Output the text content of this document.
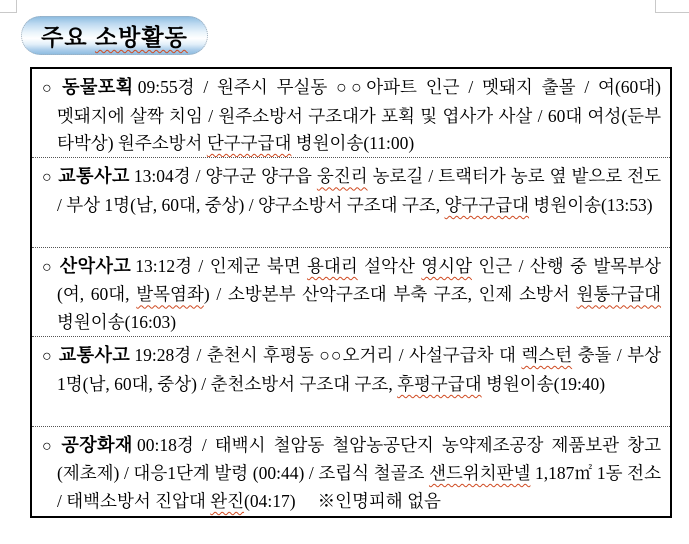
주요 소방활동

○ 동물포획 09:55경 / 원주시 무실동 ○○아파트 인근 / 멧돼지 출몰 / 여(60대) 멧돼지에 살짝 치임 / 원주소방서 구조대가 포획 및 엽사가 사살 / 60대 여성(둔부 타박상) 원주소방서 단구구급대 병원이송(11:00)

○ 교통사고 13:04경 / 양구군 양구읍 웅진리 농로길 / 트랙터가 농로 옆 밭으로 전도 / 부상 1명(남, 60대, 중상) / 양구소방서 구조대 구조, 양구구급대 병원이송(13:53)

○ 산악사고 13:12경 / 인제군 북면 용대리 설악산 영시암 인근 / 산행 중 발목부상(여, 60대, 발목염좌) / 소방본부 산악구조대 부축 구조, 인제 소방서 원통구급대 병원이송(16:03)

○ 교통사고 19:28경 / 춘천시 후평동 ○○오거리 / 사설구급차 대 렉스턴 충돌 / 부상 1명(남, 60대, 중상) / 춘천소방서 구조대 구조, 후평구급대 병원이송(19:40)

○ 공장화재 00:18경 / 태백시 철암동 철암농공단지 농약제조공장 제품보관 창고(제초제) / 대응1단계 발령 (00:44) / 조립식 철골조 샌드위치판넬 1,187㎡ 1동 전소 / 태백소방서 진압대 완진(04:17) ※인명피해 없음
